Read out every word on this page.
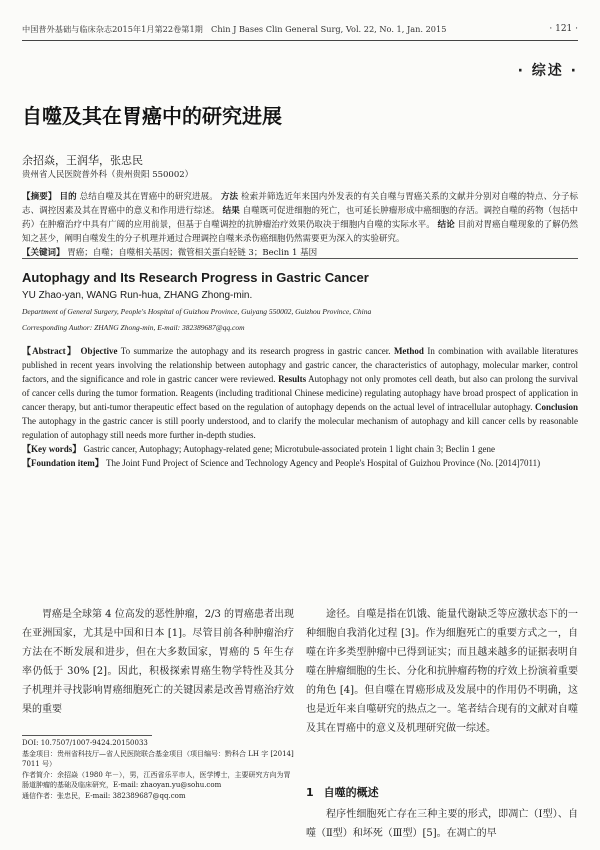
中国普外基础与临床杂志2015年1月第22卷第1期　Chin J Bases Clin General Surg, Vol. 22, No. 1, Jan. 2015	· 121 ·
· 综述 ·
自噬及其在胃癌中的研究进展
余招焱，王润华，张忠民
贵州省人民医院普外科（贵州贵阳 550002）
【摘要】 目的 总结自噬及其在胃癌中的研究进展。 方法 检索并筛选近年来国内外发表的有关自噬与胃癌关系的文献并分别对自噬的特点、分子标志、调控因素及其在胃癌中的意义和作用进行综述。 结果 自噬既可促进细胞的死亡，也可延长肿瘤形成中癌细胞的存活。调控自噬的药物（包括中药）在肿瘤治疗中具有广阔的应用前景，但基于自噬调控的抗肿瘤治疗效果仍取决于细胞内自噬的实际水平。 结论 目前对胃癌自噬现象的了解仍然知之甚少，阐明自噬发生的分子机理并通过合理调控自噬来杀伤癌细胞仍然需要更为深入的实验研究。
【关键词】 胃癌；自噬；自噬相关基因；微管相关蛋白轻链 3；Beclin 1 基因
Autophagy and Its Research Progress in Gastric Cancer
YU Zhao-yan, WANG Run-hua, ZHANG Zhong-min.
Department of General Surgery, People's Hospital of Guizhou Province, Guiyang 550002, Guizhou Province, China
Corresponding Author: ZHANG Zhong-min, E-mail: 382389687@qq.com
【Abstract】 Objective To summarize the autophagy and its research progress in gastric cancer. Method In combination with available literatures published in recent years involving the relationship between autophagy and gastric cancer, the characteristics of autophagy, molecular marker, control factors, and the significance and role in gastric cancer were reviewed. Results Autophagy not only promotes cell death, but also can prolong the survival of cancer cells during the tumor formation. Reagents (including traditional Chinese medicine) regulating autophagy have broad prospect of application in cancer therapy, but anti-tumor therapeutic effect based on the regulation of autophagy depends on the actual level of intracellular autophagy. Conclusion The autophagy in the gastric cancer is still poorly understood, and to clarify the molecular mechanism of autophagy and kill cancer cells by reasonable regulation of autophagy still needs more further in-depth studies.
【Key words】 Gastric cancer, Autophagy; Autophagy-related gene; Microtubule-associated protein 1 light chain 3; Beclin 1 gene
【Foundation item】 The Joint Fund Project of Science and Technology Agency and People's Hospital of Guizhou Province (No. [2014]7011)
胃癌是全球第 4 位高发的恶性肿瘤，2/3 的胃癌患者出现在亚洲国家，尤其是中国和日本 [1]。尽管目前各种肿瘤治疗方法在不断发展和进步，但在大多数国家，胃癌的 5 年生存率仍低于 30% [2]。因此，积极探索胃癌生物学特性及其分子机理并寻找影响胃癌细胞死亡的关键因素是改善胃癌治疗效果的重要
途径。自噬是指在饥饿、能量代谢缺乏等应激状态下的一种细胞自我消化过程 [3]。作为细胞死亡的重要方式之一，自噬在许多类型肿瘤中已得到证实；而且越来越多的证据表明自噬在肿瘤细胞的生长、分化和抗肿瘤药物的疗效上扮演着重要的角色 [4]。但自噬在胃癌形成及发展中的作用仍不明确，这也是近年来自噬研究的热点之一。笔者结合现有的文献对自噬及其在胃癌中的意义及机理研究做一综述。
DOI: 10.7507/1007-9424.20150033
基金项目：贵州省科技厅—省人民医院联合基金项目（项目编号：黔科合 LH 字 [2014] 7011 号）
作者简介：余招焱（1980 年－），男，江西省乐平市人，医学博士，主要研究方向为胃肠道肿瘤的基础及临床研究，E-mail: zhaoyan.yu@sohu.com
通信作者：张忠民，E-mail: 382389687@qq.com	1 自噬的概述
程序性细胞死亡存在三种主要的形式，即凋亡（Ⅰ型）、自噬（Ⅱ型）和坏死（Ⅲ型）[5]。在凋亡的早
